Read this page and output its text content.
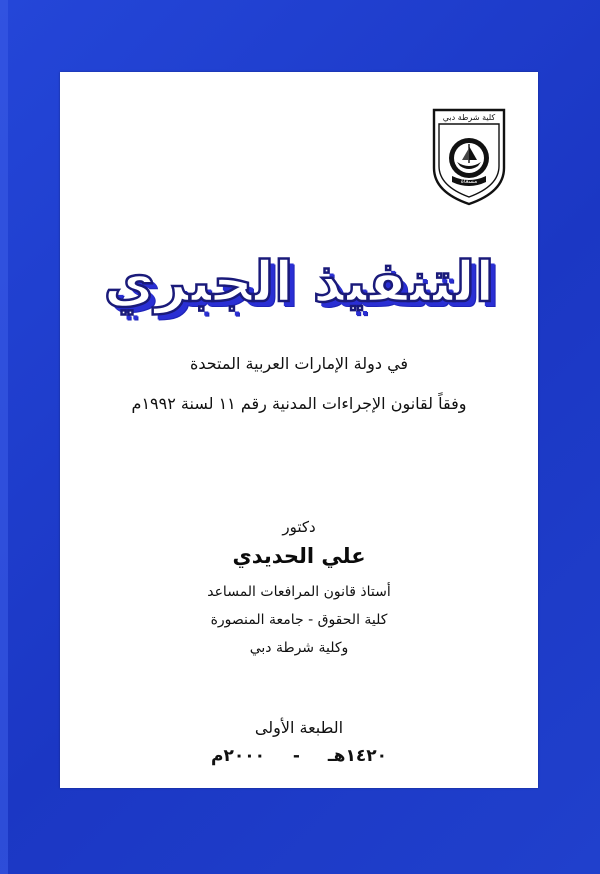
كلية شرطة دبي
مسعاة
التنفيذ الجبري
في دولة الإمارات العربية المتحدة
وفقاً لقانون الإجراءات المدنية رقم ١١ لسنة ١٩٩٢م
دكتور
علي الحديدي
أستاذ قانون المرافعات المساعد
كلية الحقوق - جامعة المنصورة
وكلية شرطة دبي
الطبعة الأولى
١٤٢٠هـ - ٢٠٠٠م
